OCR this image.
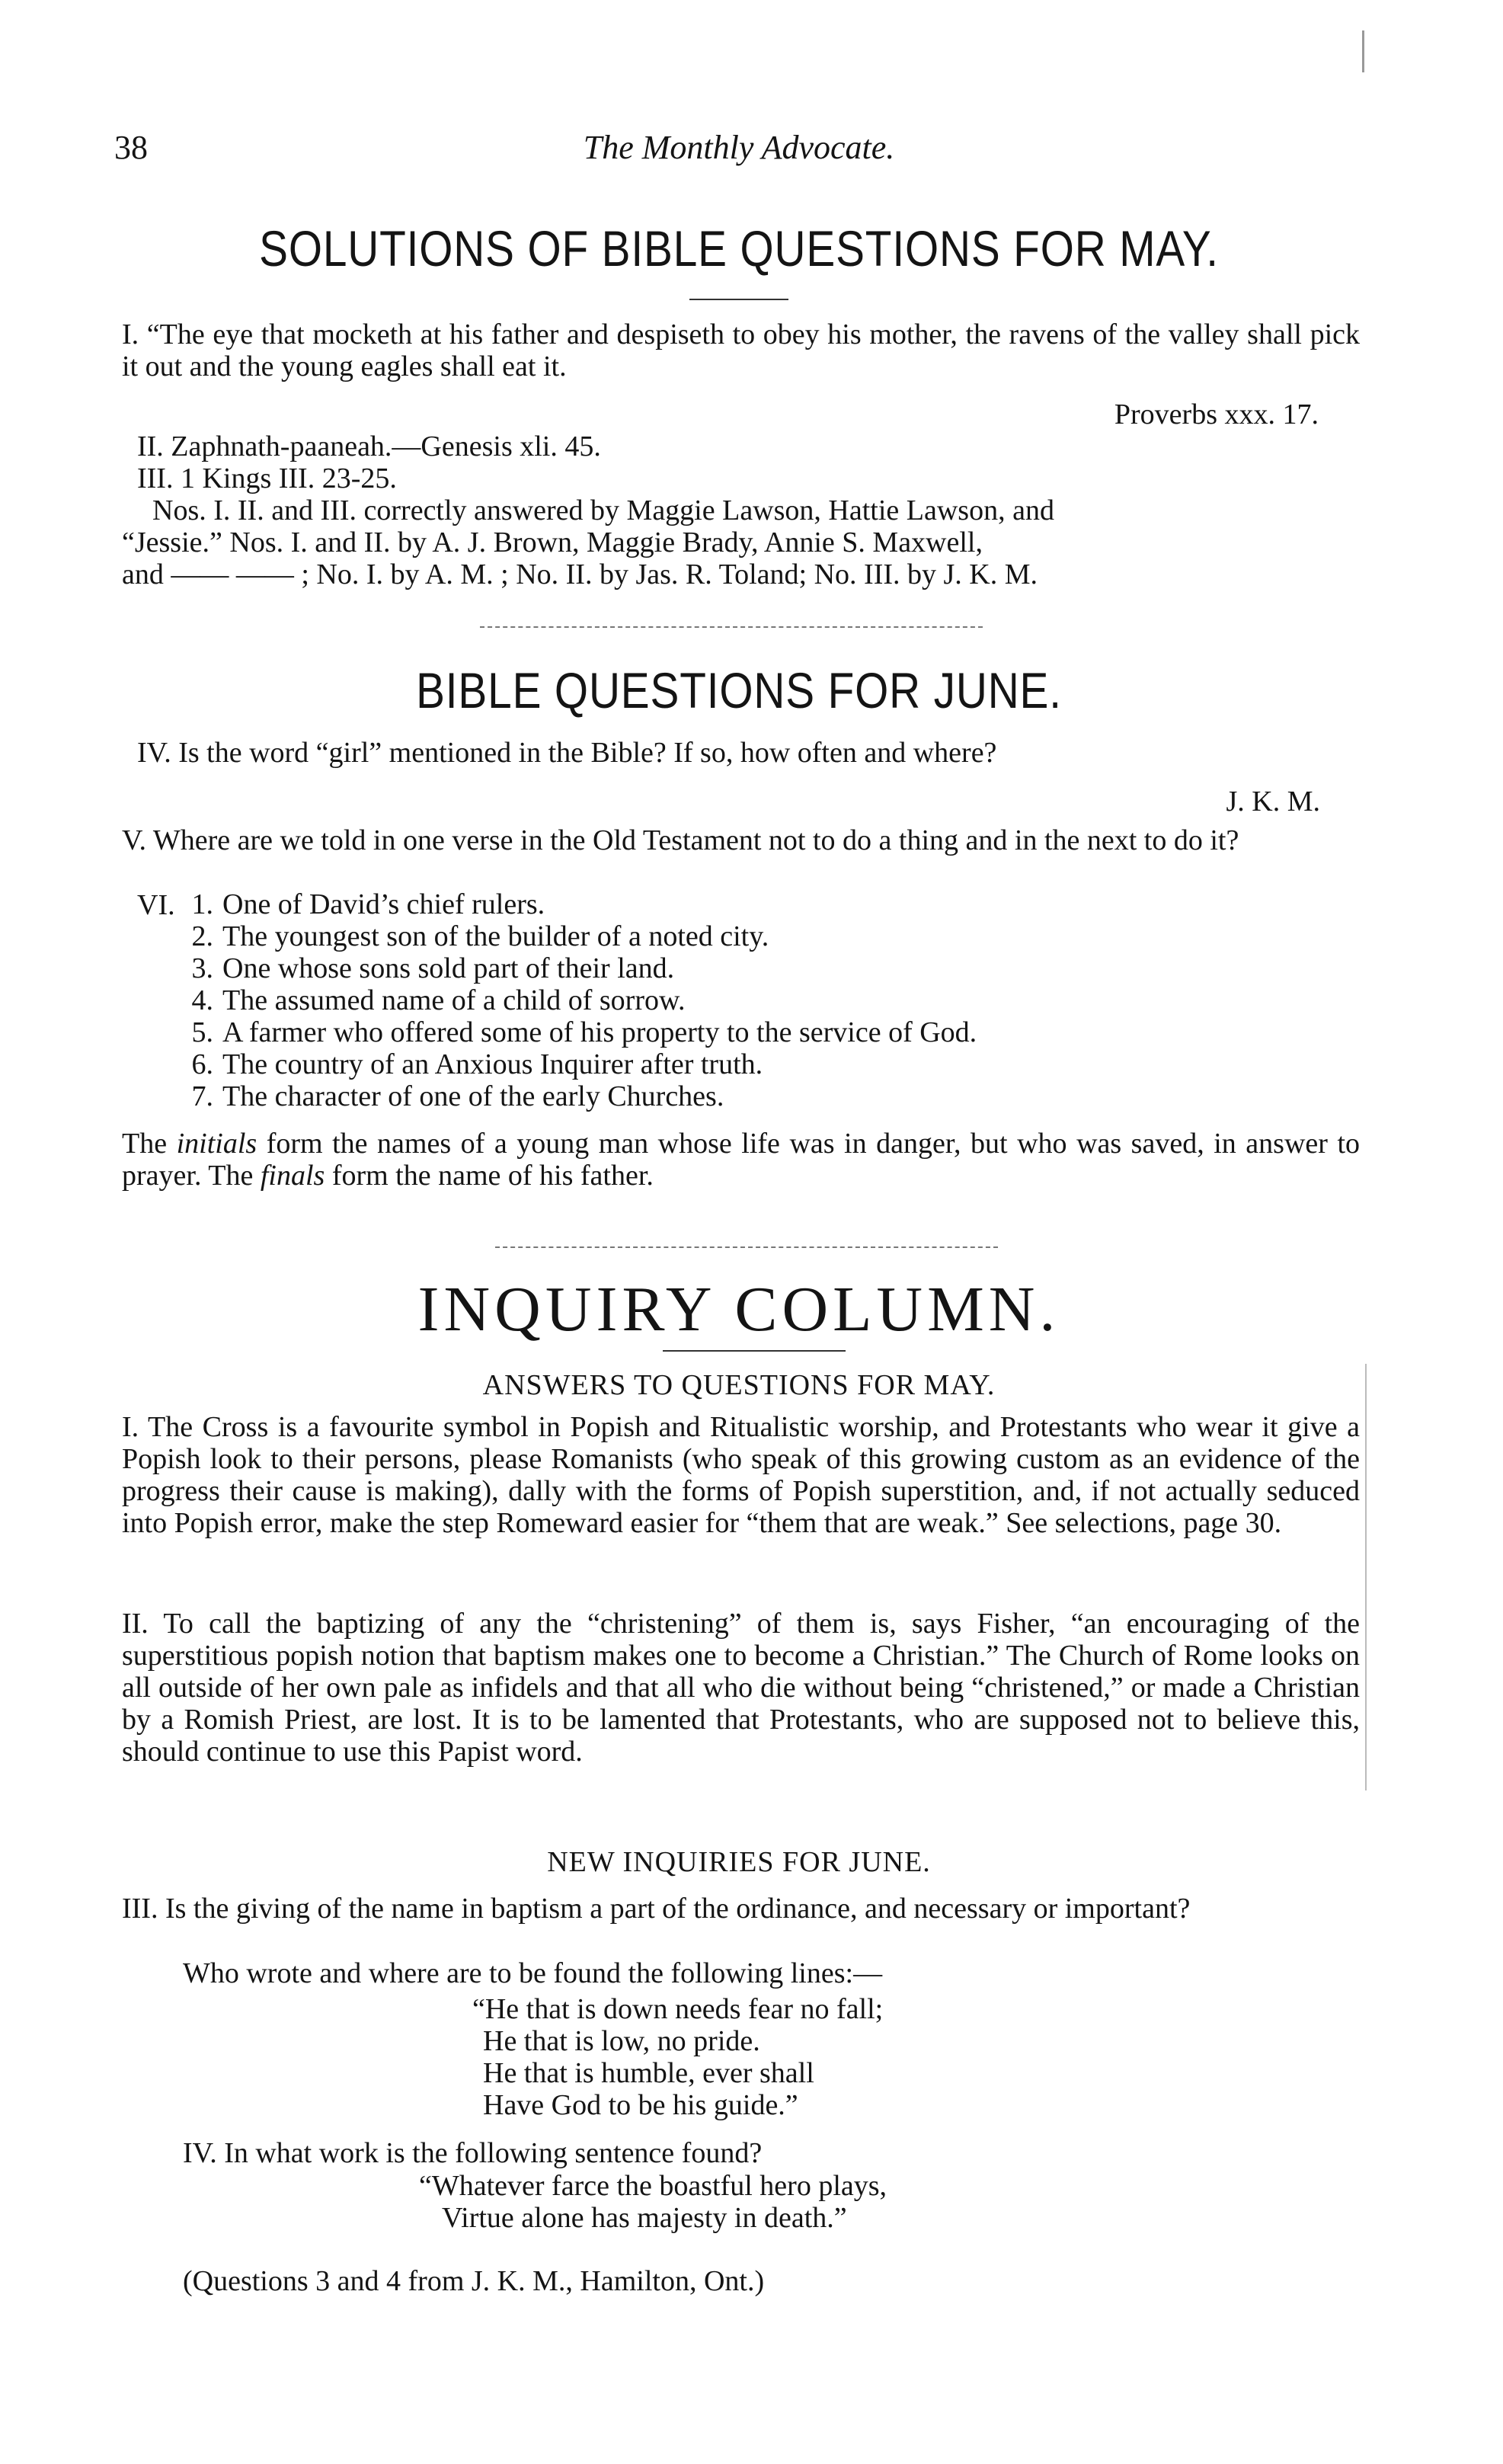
38	The Monthly Advocate.
SOLUTIONS OF BIBLE QUESTIONS FOR MAY.
I. “The eye that mocketh at his father and despiseth to obey his mother, the ravens of the valley shall pick it out and the young eagles shall eat it.
Proverbs xxx. 17.
II. Zaphnath-paaneah.—Genesis xli. 45.
III. 1 Kings III. 23-25.
Nos. I. II. and III. correctly answered by Maggie Lawson, Hattie Lawson, and
“Jessie.” Nos. I. and II. by A. J. Brown, Maggie Brady, Annie S. Maxwell,
and —— —— ; No. I. by A. M. ; No. II. by Jas. R. Toland; No. III. by J. K. M.
BIBLE QUESTIONS FOR JUNE.
IV. Is the word “girl” mentioned in the Bible? If so, how often and where?
J. K. M.
V. Where are we told in one verse in the Old Testament not to do a thing and in the next to do it?
VI. 1. One of David’s chief rulers.
2. The youngest son of the builder of a noted city.
3. One whose sons sold part of their land.
4. The assumed name of a child of sorrow.
5. A farmer who offered some of his property to the service of God.
6. The country of an Anxious Inquirer after truth.
7. The character of one of the early Churches.
The initials form the names of a young man whose life was in danger, but who was saved, in answer to prayer. The finals form the name of his father.
INQUIRY COLUMN.
ANSWERS TO QUESTIONS FOR MAY.
I. The Cross is a favourite symbol in Popish and Ritualistic worship, and Protestants who wear it give a Popish look to their persons, please Romanists (who speak of this growing custom as an evidence of the progress their cause is making), dally with the forms of Popish superstition, and, if not actually seduced into Popish error, make the step Romeward easier for “them that are weak.” See selections, page 30.
II. To call the baptizing of any the “christening” of them is, says Fisher, “an encouraging of the superstitious popish notion that baptism makes one to become a Christian.” The Church of Rome looks on all outside of her own pale as infidels and that all who die without being “christened,” or made a Christian by a Romish Priest, are lost. It is to be lamented that Protestants, who are supposed not to believe this, should continue to use this Papist word.
NEW INQUIRIES FOR JUNE.
III. Is the giving of the name in baptism a part of the ordinance, and necessary or important?
Who wrote and where are to be found the following lines:—
“He that is down needs fear no fall;
He that is low, no pride.
He that is humble, ever shall
Have God to be his guide.”
IV. In what work is the following sentence found?
“Whatever farce the boastful hero plays,
Virtue alone has majesty in death.”
(Questions 3 and 4 from J. K. M., Hamilton, Ont.)
